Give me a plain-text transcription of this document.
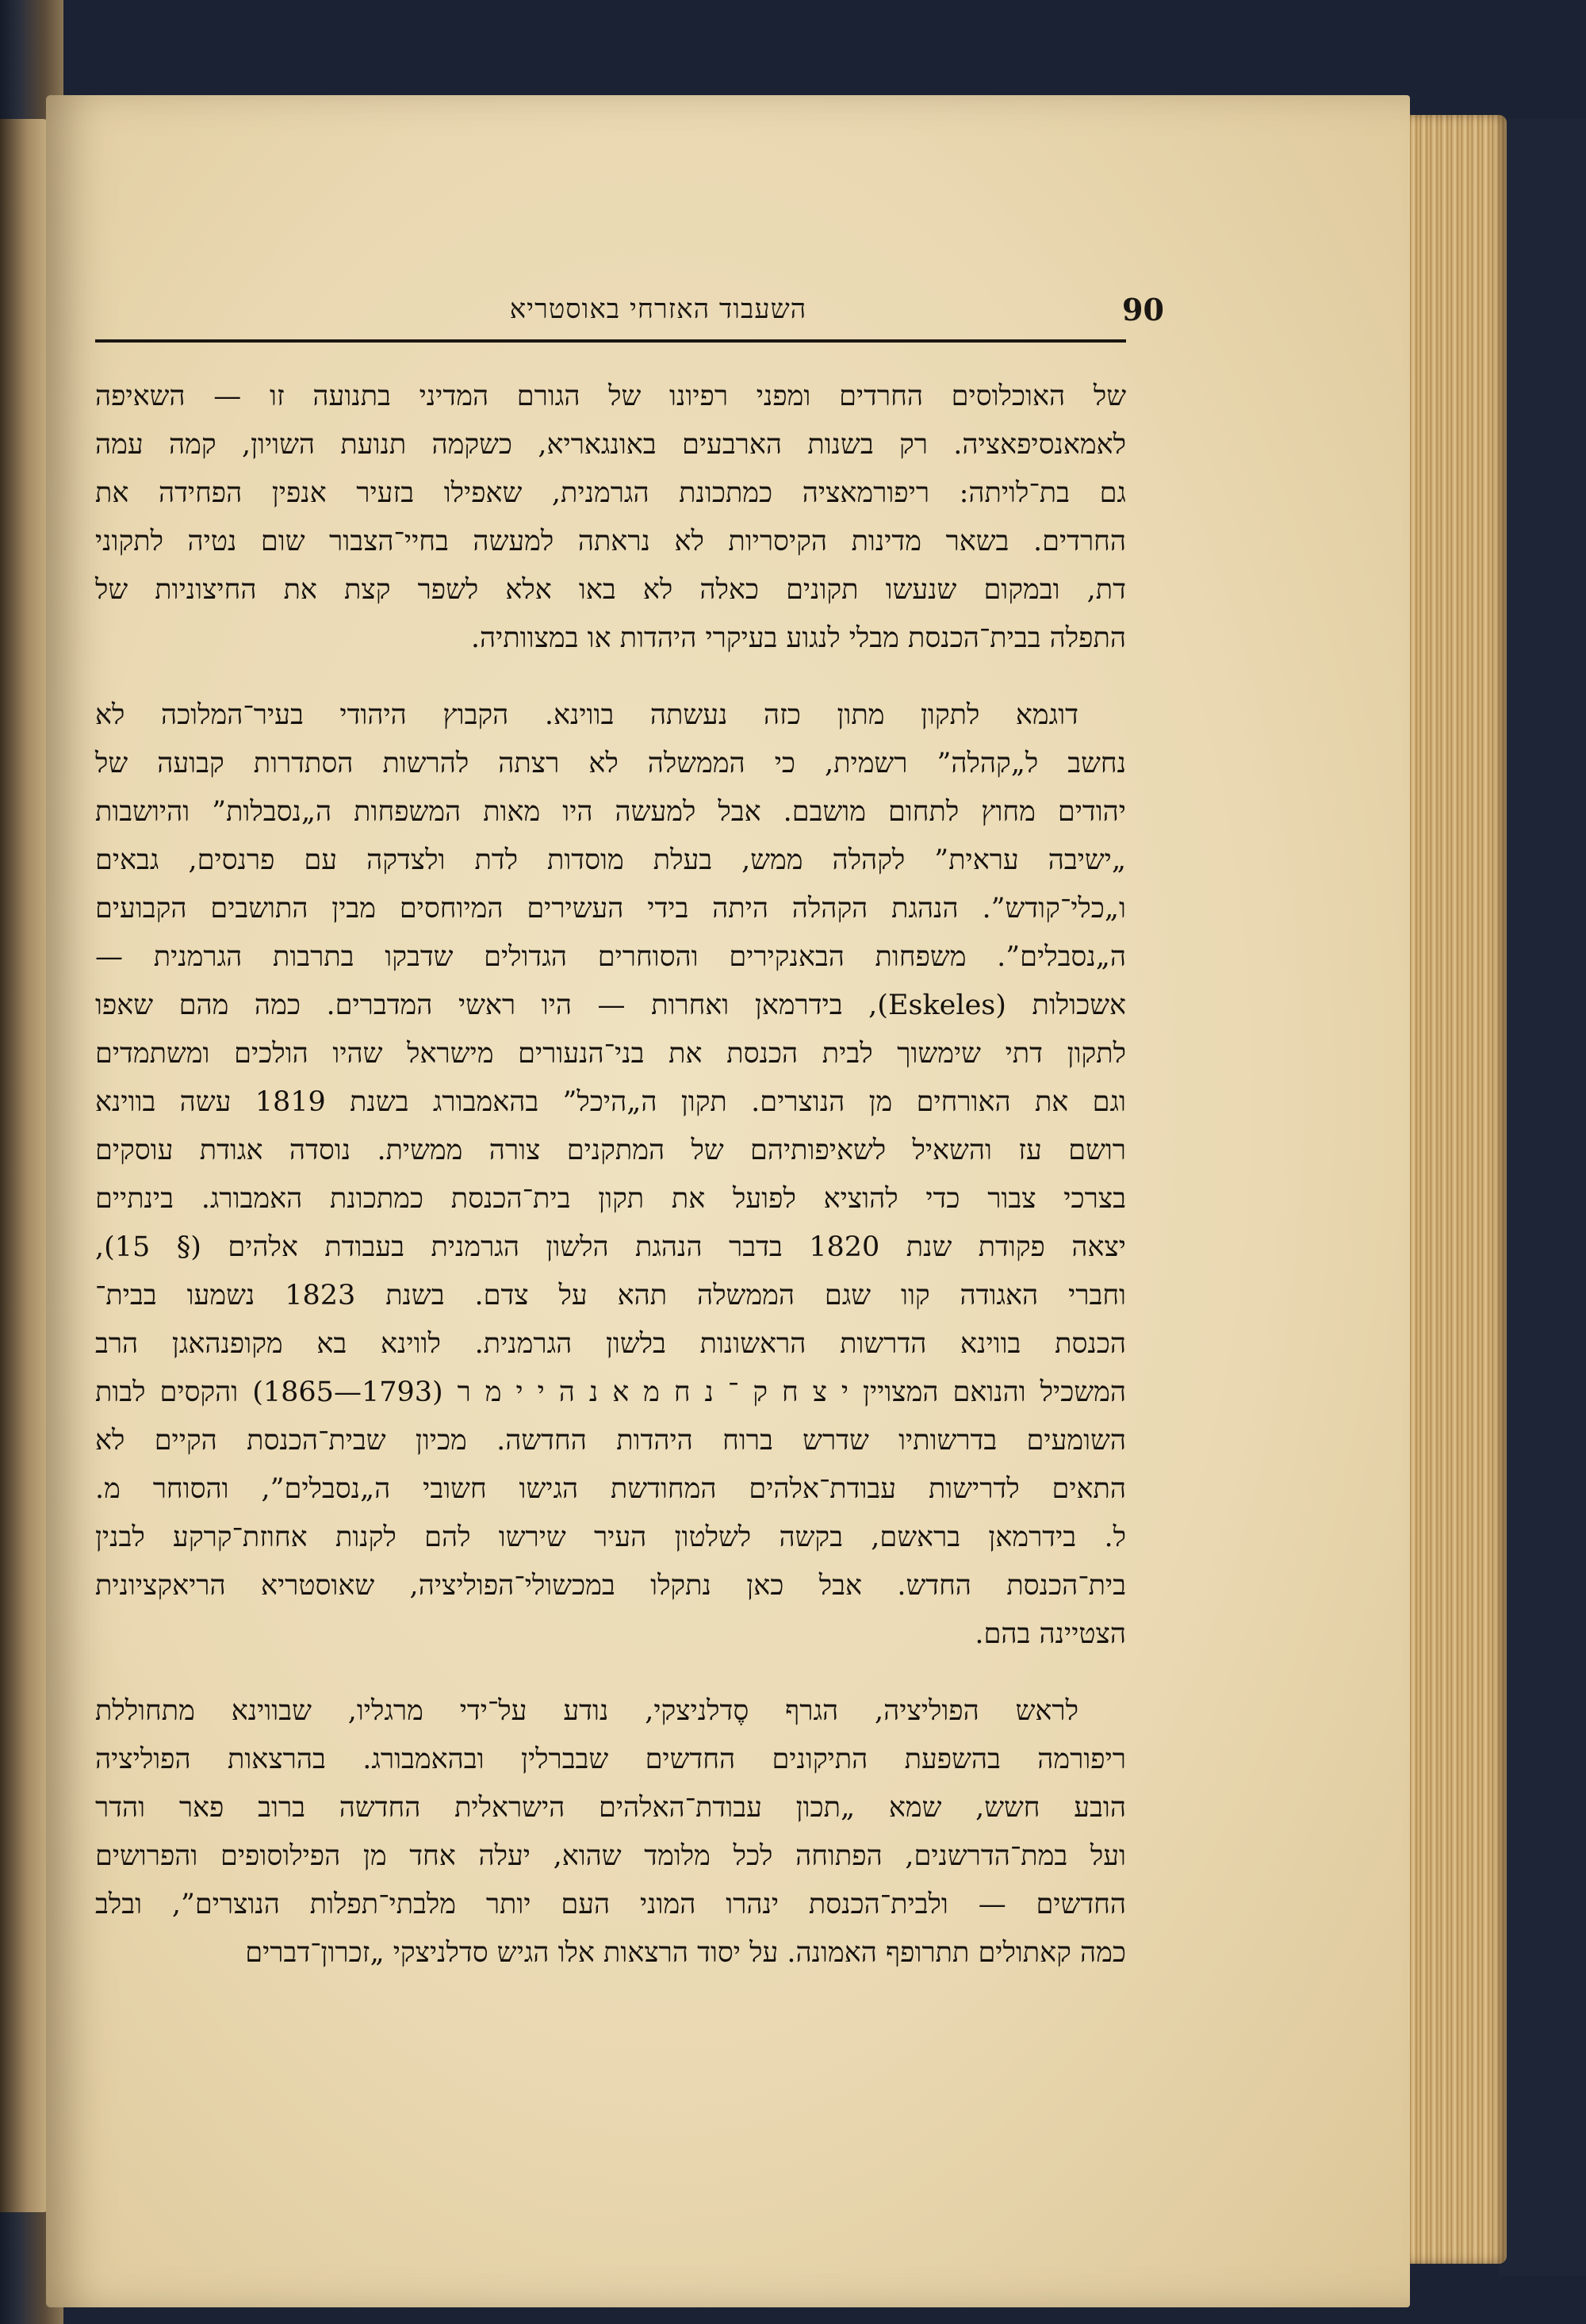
השעבוד האזרחי באוסטריא	90
של האוכלוסים החרדים ומפני רפיונו של הגורם המדיני בתנועה זו — השאיפה
לאמאנסיפאציה. רק בשנות הארבעים באונגאריא, כשקמה תנועת השויון, קמה עמה
גם בת־לויתה: ריפורמאציה כמתכונת הגרמנית, שאפילו בזעיר אנפין הפחידה את
החרדים. בשאר מדינות הקיסריות לא נראתה למעשה בחיי־הצבור שום נטיה לתקוני
דת, ובמקום שנעשו תקונים כאלה לא באו אלא לשפר קצת את החיצוניות של
התפלה בבית־הכנסת מבלי לנגוע בעיקרי היהדות או במצוותיה.
דוגמא לתקון מתון כזה נעשתה בווינא. הקבוץ היהודי בעיר־המלוכה לא
נחשב ל„קהלה” רשמית, כי הממשלה לא רצתה להרשות הסתדרות קבועה של
יהודים מחוץ לתחום מושבם. אבל למעשה היו מאות המשפחות ה„נסבלות” והיושבות
„ישיבה עראית” לקהלה ממש, בעלת מוסדות לדת ולצדקה עם פרנסים, גבאים
ו„כלי־קודש”. הנהגת הקהלה היתה בידי העשירים המיוחסים מבין התושבים הקבועים
ה„נסבלים”. משפחות הבאנקירים והסוחרים הגדולים שדבקו בתרבות הגרמנית —
אשכולות (Eskeles), בידרמאן ואחרות — היו ראשי המדברים. כמה מהם שאפו
לתקון דתי שימשוך לבית הכנסת את בני־הנעורים מישראל שהיו הולכים ומשתמדים
וגם את האורחים מן הנוצרים. תקון ה„היכל” בהאמבורג בשנת 1819 עשה בווינא
רושם עז והשאיל לשאיפותיהם של המתקנים צורה ממשית. נוסדה אגודת עוסקים
בצרכי צבור כדי להוציא לפועל את תקון בית־הכנסת כמתכונת האמבורג. בינתיים
יצאה פקודת שנת 1820 בדבר הנהגת הלשון הגרמנית בעבודת אלהים (§ 15),
וחברי האגודה קוו שגם הממשלה תהא על צדם. בשנת 1823 נשמעו בבית־
הכנסת בווינא הדרשות הראשונות בלשון הגרמנית. לווינא בא מקופנהאגן הרב
המשכיל והנואם המצויין י צ ח ק ־ נ ח מ א נ ה י י מ ר (1793—1865) והקסים לבות
השומעים בדרשותיו שדרש ברוח היהדות החדשה. מכיון שבית־הכנסת הקיים לא
התאים לדרישות עבודת־אלהים המחודשת הגישו חשובי ה„נסבלים”, והסוחר מ.
ל. בידרמאן בראשם, בקשה לשלטון העיר שירשו להם לקנות אחוזת־קרקע לבנין
בית־הכנסת החדש. אבל כאן נתקלו במכשולי־הפוליציה, שאוסטריא הריאקציונית
הצטיינה בהם.
לראש הפוליציה, הגרף סֶדלניצקי, נודע על־ידי מרגליו, שבווינא מתחוללת
ריפורמה בהשפעת התיקונים החדשים שבברלין ובהאמבורג. בהרצאות הפוליציה
הובע חשש, שמא „תכון עבודת־האלהים הישראלית החדשה ברוב פאר והדר
ועל במת־הדרשנים, הפתוחה לכל מלומד שהוא, יעלה אחד מן הפילוסופים והפרושים
החדשים — ולבית־הכנסת ינהרו המוני העם יותר מלבתי־תפלות הנוצרים”, ובלב
כמה קאתולים תתרופף האמונה. על יסוד הרצאות אלו הגיש סדלניצקי „זכרון־דברים
